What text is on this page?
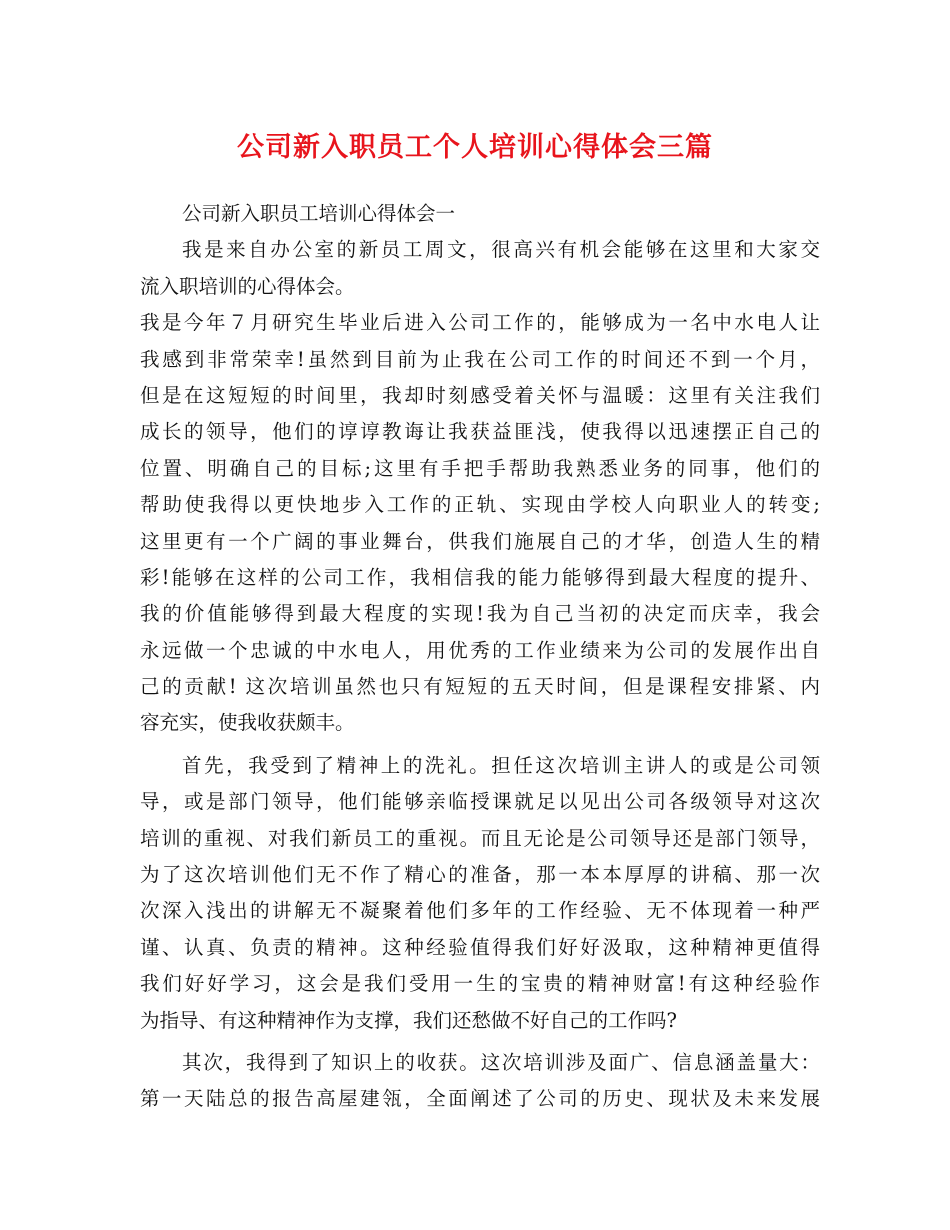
公司新入职员工个人培训心得体会三篇
公司新入职员工培训心得体会一
我是来自办公室的新员工周文，很高兴有机会能够在这里和大家交
流入职培训的心得体会。
我是今年７月研究生毕业后进入公司工作的，能够成为一名中水电人让
我感到非常荣幸!虽然到目前为止我在公司工作的时间还不到一个月，
但是在这短短的时间里，我却时刻感受着关怀与温暖：这里有关注我们
成长的领导，他们的谆谆教诲让我获益匪浅，使我得以迅速摆正自己的
位置、明确自己的目标;这里有手把手帮助我熟悉业务的同事，他们的
帮助使我得以更快地步入工作的正轨、实现由学校人向职业人的转变;
这里更有一个广阔的事业舞台，供我们施展自己的才华，创造人生的精
彩!能够在这样的公司工作，我相信我的能力能够得到最大程度的提升、
我的价值能够得到最大程度的实现!我为自己当初的决定而庆幸，我会
永远做一个忠诚的中水电人，用优秀的工作业绩来为公司的发展作出自
己的贡献! 这次培训虽然也只有短短的五天时间，但是课程安排紧、内
容充实，使我收获颇丰。
首先，我受到了精神上的洗礼。担任这次培训主讲人的或是公司领
导，或是部门领导，他们能够亲临授课就足以见出公司各级领导对这次
培训的重视、对我们新员工的重视。而且无论是公司领导还是部门领导，
为了这次培训他们无不作了精心的准备，那一本本厚厚的讲稿、那一次
次深入浅出的讲解无不凝聚着他们多年的工作经验、无不体现着一种严
谨、认真、负责的精神。这种经验值得我们好好汲取，这种精神更值得
我们好好学习，这会是我们受用一生的宝贵的精神财富!有这种经验作
为指导、有这种精神作为支撑，我们还愁做不好自己的工作吗?
其次，我得到了知识上的收获。这次培训涉及面广、信息涵盖量大：
第一天陆总的报告高屋建瓴，全面阐述了公司的历史、现状及未来发展
